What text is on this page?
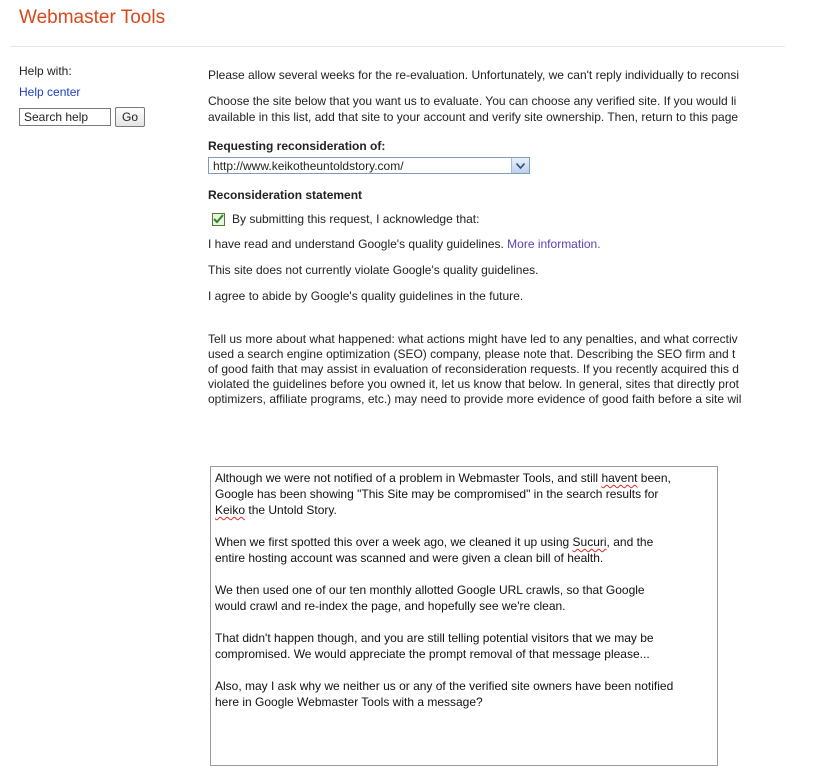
Webmaster Tools
Help with:
Help center
Search help	Go

Please allow several weeks for the re-evaluation. Unfortunately, we can't reply individually to reconsi

Choose the site below that you want us to evaluate. You can choose any verified site. If you would li
available in this list, add that site to your account and verify site ownership. Then, return to this page

Requesting reconsideration of:

http://www.keikotheuntoldstory.com/

Reconsideration statement

By submitting this request, I acknowledge that:
I have read and understand Google's quality guidelines. More information.
This site does not currently violate Google's quality guidelines.
I agree to abide by Google's quality guidelines in the future.
Tell us more about what happened: what actions might have led to any penalties, and what correctiv
used a search engine optimization (SEO) company, please note that. Describing the SEO firm and t
of good faith that may assist in evaluation of reconsideration requests. If you recently acquired this d
violated the guidelines before you owned it, let us know that below. In general, sites that directly prot
optimizers, affiliate programs, etc.) may need to provide more evidence of good faith before a site wil

Although we were not notified of a problem in Webmaster Tools, and still havent been,
Google has been showing "This Site may be compromised" in the search results for
Keiko the Untold Story.

When we first spotted this over a week ago, we cleaned it up using Sucuri, and the
entire hosting account was scanned and were given a clean bill of health.

We then used one of our ten monthly allotted Google URL crawls, so that Google
would crawl and re-index the page, and hopefully see we're clean.

That didn't happen though, and you are still telling potential visitors that we may be
compromised. We would appreciate the prompt removal of that message please...

Also, may I ask why we neither us or any of the verified site owners have been notified
here in Google Webmaster Tools with a message?
